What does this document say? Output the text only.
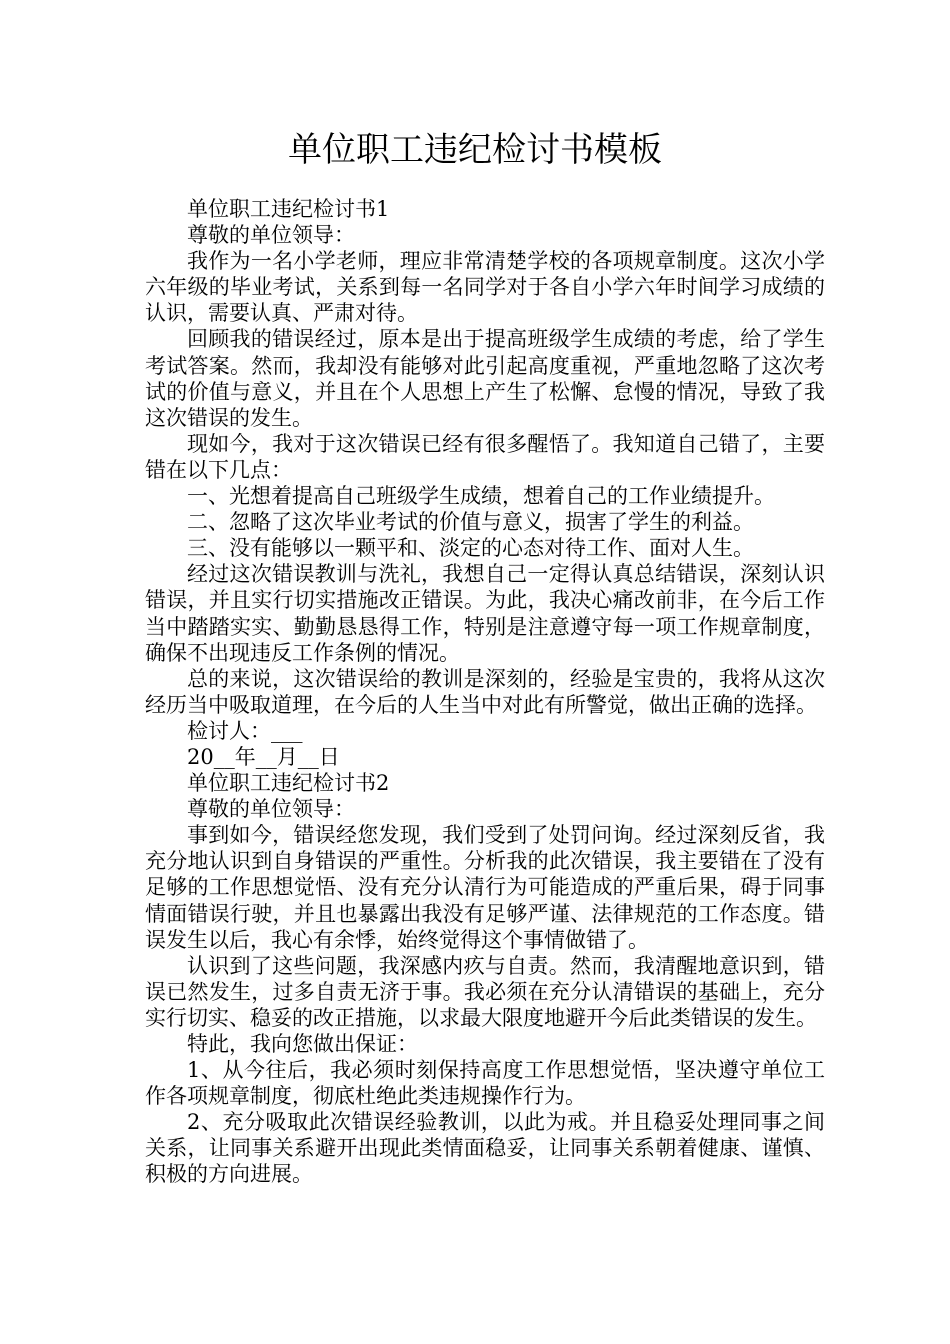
单位职工违纪检讨书模板

单位职工违纪检讨书1

尊敬的单位领导：

我作为一名小学老师，理应非常清楚学校的各项规章制度。这次小学六年级的毕业考试，关系到每一名同学对于各自小学六年时间学习成绩的认识，需要认真、严肃对待。

回顾我的错误经过，原本是出于提高班级学生成绩的考虑，给了学生考试答案。然而，我却没有能够对此引起高度重视，严重地忽略了这次考试的价值与意义，并且在个人思想上产生了松懈、怠慢的情况，导致了我这次错误的发生。

现如今，我对于这次错误已经有很多醒悟了。我知道自己错了，主要错在以下几点：

一、光想着提高自己班级学生成绩，想着自己的工作业绩提升。

二、忽略了这次毕业考试的价值与意义，损害了学生的利益。

三、没有能够以一颗平和、淡定的心态对待工作、面对人生。

经过这次错误教训与洗礼，我想自己一定得认真总结错误，深刻认识错误，并且实行切实措施改正错误。为此，我决心痛改前非，在今后工作当中踏踏实实、勤勤恳恳得工作，特别是注意遵守每一项工作规章制度，确保不出现违反工作条例的情况。

总的来说，这次错误给的教训是深刻的，经验是宝贵的，我将从这次经历当中吸取道理，在今后的人生当中对此有所警觉，做出正确的选择。

检讨人：___

20__年__月__日

单位职工违纪检讨书2

尊敬的单位领导：

事到如今，错误经您发现，我们受到了处罚问询。经过深刻反省，我充分地认识到自身错误的严重性。分析我的此次错误，我主要错在了没有足够的工作思想觉悟、没有充分认清行为可能造成的严重后果，碍于同事情面错误行驶，并且也暴露出我没有足够严谨、法律规范的工作态度。错误发生以后，我心有余悸，始终觉得这个事情做错了。

认识到了这些问题，我深感内疚与自责。然而，我清醒地意识到，错误已然发生，过多自责无济于事。我必须在充分认清错误的基础上，充分实行切实、稳妥的改正措施，以求最大限度地避开今后此类错误的发生。

特此，我向您做出保证：

1、从今往后，我必须时刻保持高度工作思想觉悟，坚决遵守单位工作各项规章制度，彻底杜绝此类违规操作行为。

2、充分吸取此次错误经验教训，以此为戒。并且稳妥处理同事之间关系，让同事关系避开出现此类情面稳妥，让同事关系朝着健康、谨慎、积极的方向进展。
